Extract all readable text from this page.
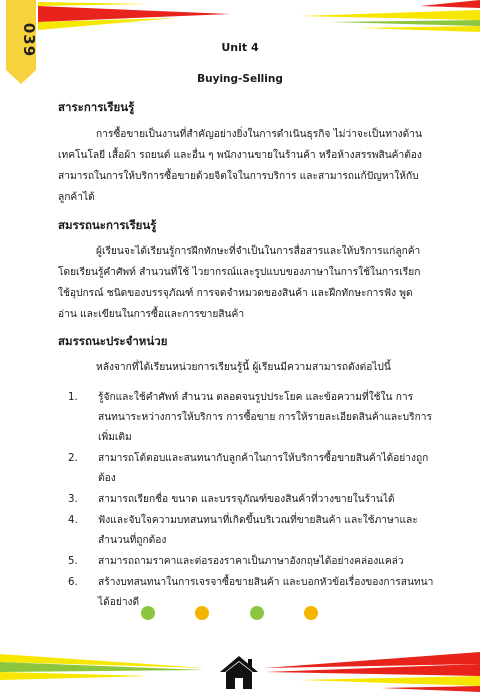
039	Unit 4
Buying-Selling
สาระการเรียนรู้

การซื้อขายเป็นงานที่สำคัญอย่างยิ่งในการดำเนินธุรกิจ ไม่ว่าจะเป็นทางด้านเทคโนโลยี เสื้อผ้า รถยนต์ และอื่น ๆ พนักงานขายในร้านค้า หรือห้างสรรพสินค้าต้องสามารถในการให้บริการซื้อขายด้วยจิตใจในการบริการ และสามารถแก้ปัญหาให้กับลูกค้าได้

สมรรถนะการเรียนรู้

ผู้เรียนจะได้เรียนรู้การฝึกทักษะที่จำเป็นในการสื่อสารและให้บริการแก่ลูกค้าโดยเรียนรู้คำศัพท์ สำนวนที่ใช้ ไวยากรณ์และรูปแบบของภาษาในการใช้ในการเรียกใช้อุปกรณ์ ชนิดของบรรจุภัณฑ์ การจดจำหมวดของสินค้า และฝึกทักษะการฟัง พูด อ่าน และเขียนในการซื้อและการขายสินค้า

สมรรถนะประจำหน่วย
หลังจากที่ได้เรียนหน่วยการเรียนรู้นี้ ผู้เรียนมีความสามารถดังต่อไปนี้
1. รู้จักและใช้คำศัพท์ สำนวน ตลอดจนรูปประโยค และข้อความที่ใช้ใน การสนทนาระหว่างการให้บริการ การซื้อขาย การให้รายละเอียดสินค้าและบริการเพิ่มเติม
2. สามารถโต้ตอบและสนทนากับลูกค้าในการให้บริการซื้อขายสินค้าได้อย่างถูกต้อง
3. สามารถเรียกชื่อ ขนาด และบรรจุภัณฑ์ของสินค้าที่วางขายในร้านได้
4. ฟังและจับใจความบทสนทนาที่เกิดขึ้นบริเวณที่ขายสินค้า และใช้ภาษาและสำนวนที่ถูกต้อง
5. สามารถถามราคาและต่อรองราคาเป็นภาษาอังกฤษได้อย่างคล่องแคล่ว
6. สร้างบทสนทนาในการเจรจาซื้อขายสินค้า และบอกหัวข้อเรื่องของการสนทนาได้อย่างดี
